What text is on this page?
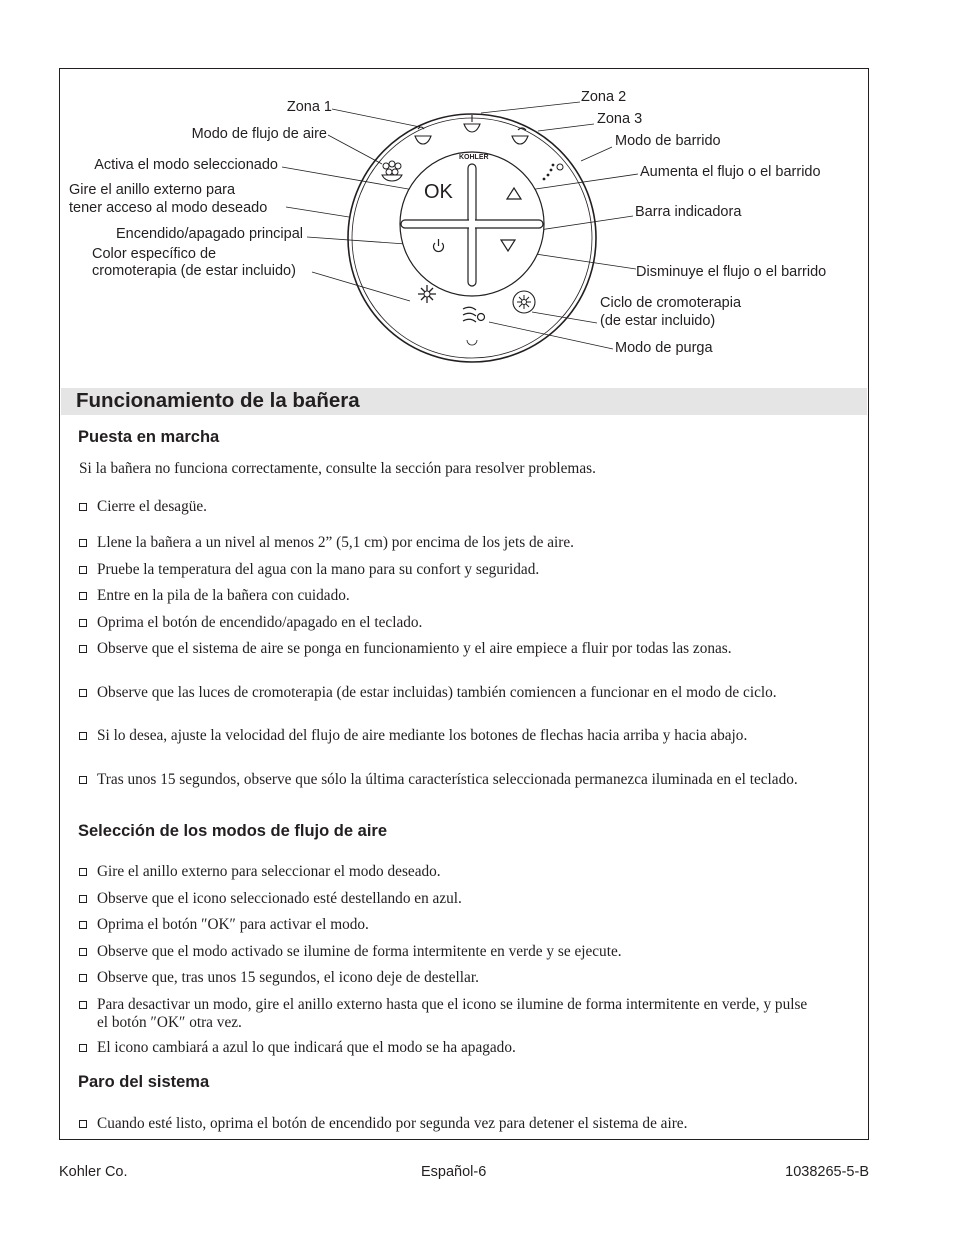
KOHLER
OK
Zona 1
Modo de flujo de aire
Activa el modo seleccionado
Gire el anillo externo para
tener acceso al modo deseado
Encendido/apagado principal
Color específico de
cromoterapia (de estar incluido)
Zona 2
Zona 3
Modo de barrido
Aumenta el flujo o el barrido
Barra indicadora
Disminuye el flujo o el barrido
Ciclo de cromoterapia
(de estar incluido)
Modo de purga
Funcionamiento de la bañera
Puesta en marcha
Si la bañera no funciona correctamente, consulte la sección para resolver problemas.
Cierre el desagüe.
Llene la bañera a un nivel al menos 2” (5,1 cm) por encima de los jets de aire.
Pruebe la temperatura del agua con la mano para su confort y seguridad.
Entre en la pila de la bañera con cuidado.
Oprima el botón de encendido/apagado en el teclado.
Observe que el sistema de aire se ponga en funcionamiento y el aire empiece a fluir por todas las zonas.
Observe que las luces de cromoterapia (de estar incluidas) también comiencen a funcionar en el modo de ciclo.
Si lo desea, ajuste la velocidad del flujo de aire mediante los botones de flechas hacia arriba y hacia abajo.
Tras unos 15 segundos, observe que sólo la última característica seleccionada permanezca iluminada en el teclado.
Selección de los modos de flujo de aire
Gire el anillo externo para seleccionar el modo deseado.
Observe que el icono seleccionado esté destellando en azul.
Oprima el botón ″OK″ para activar el modo.
Observe que el modo activado se ilumine de forma intermitente en verde y se ejecute.
Observe que, tras unos 15 segundos, el icono deje de destellar.
Para desactivar un modo, gire el anillo externo hasta que el icono se ilumine de forma intermitente en verde, y pulse el botón ″OK″ otra vez.
El icono cambiará a azul lo que indicará que el modo se ha apagado.
Paro del sistema
Cuando esté listo, oprima el botón de encendido por segunda vez para detener el sistema de aire.
Kohler Co.	Español-6	1038265-5-B
